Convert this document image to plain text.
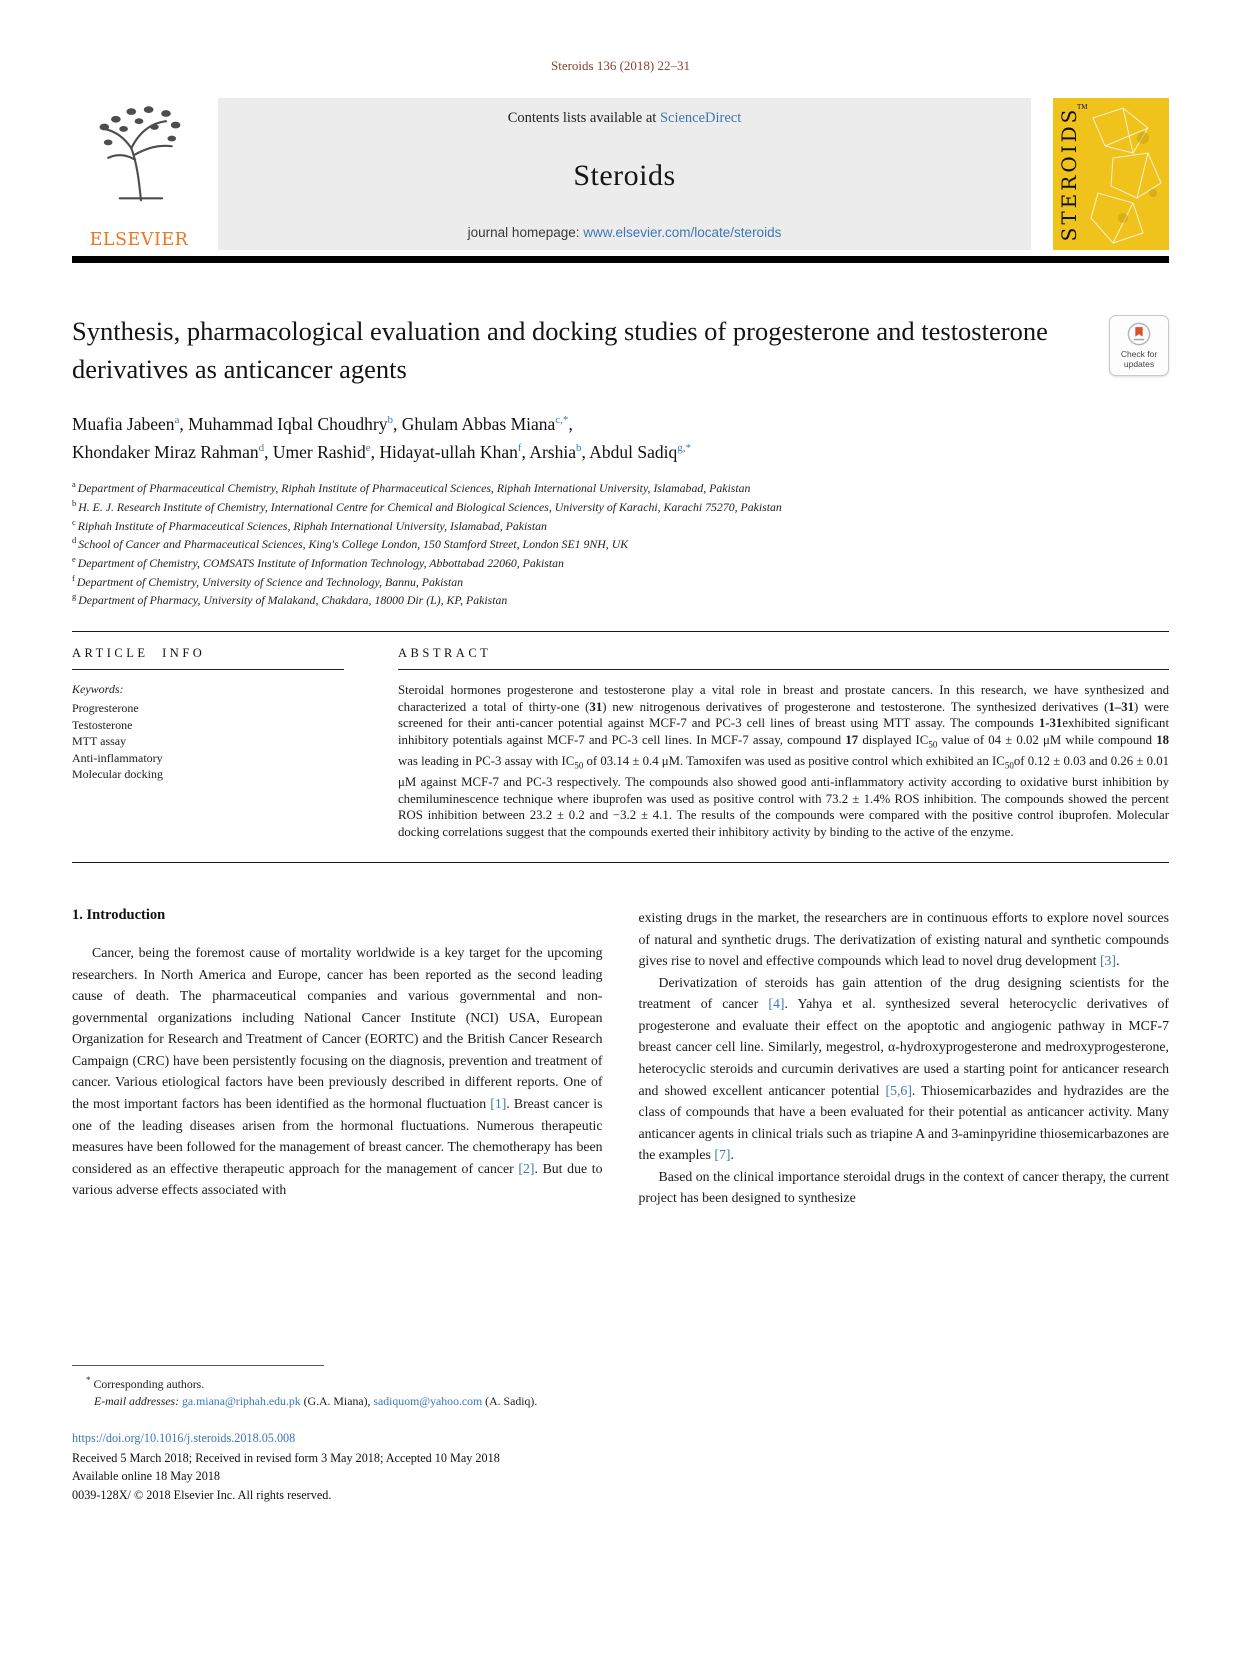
Steroids 136 (2018) 22–31
ELSEVIER
Contents lists available at ScienceDirect
Steroids
journal homepage: www.elsevier.com/locate/steroids	STEROIDS
TM
Synthesis, pharmacological evaluation and docking studies of progesterone and testosterone derivatives as anticancer agents	Check for
updates
Muafia Jabeen$^a$, Muhammad Iqbal Choudhry$^b$, Ghulam Abbas Miana$^{c,*}$,
Khondaker Miraz Rahman$^d$, Umer Rashid$^e$, Hidayat-ullah Khan$^f$, Arshia$^b$, Abdul Sadiq$^{g,*}$
$^a$ Department of Pharmaceutical Chemistry, Riphah Institute of Pharmaceutical Sciences, Riphah International University, Islamabad, Pakistan
$^b$ H. E. J. Research Institute of Chemistry, International Centre for Chemical and Biological Sciences, University of Karachi, Karachi 75270, Pakistan
$^c$ Riphah Institute of Pharmaceutical Sciences, Riphah International University, Islamabad, Pakistan
$^d$ School of Cancer and Pharmaceutical Sciences, King's College London, 150 Stamford Street, London SE1 9NH, UK
$^e$ Department of Chemistry, COMSATS Institute of Information Technology, Abbottabad 22060, Pakistan
$^f$ Department of Chemistry, University of Science and Technology, Bannu, Pakistan
$^g$ Department of Pharmacy, University of Malakand, Chakdara, 18000 Dir (L), KP, Pakistan
ARTICLE INFO
Keywords:
Progresterone
Testosterone
MTT assay
Anti-inflammatory
Molecular docking
ABSTRACT

Steroidal hormones progesterone and testosterone play a vital role in breast and prostate cancers. In this research, we have synthesized and characterized a total of thirty-one (31) new nitrogenous derivatives of progesterone and testosterone. The synthesized derivatives (1–31) were screened for their anti-cancer potential against MCF-7 and PC-3 cell lines of breast using MTT assay. The compounds 1-31exhibited significant inhibitory potentials against MCF-7 and PC-3 cell lines. In MCF-7 assay, compound 17 displayed $IC_{50}$ value of 04 ± 0.02 μM while compound 18 was leading in PC-3 assay with $IC_{50}$ of 03.14 ± 0.4 μM. Tamoxifen was used as positive control which exhibited an $IC_{50}of$ 0.12 ± 0.03 and 0.26 ± 0.01 μM against MCF-7 and PC-3 respectively. The compounds also showed good anti-inflammatory activity according to oxidative burst inhibition by chemiluminescence technique where ibuprofen was used as positive control with 73.2 ± 1.4% ROS inhibition. The compounds showed the percent ROS inhibition between 23.2 ± 0.2 and −3.2 ± 4.1. The results of the compounds were compared with the positive control ibuprofen. Molecular docking correlations suggest that the compounds exerted their inhibitory activity by binding to the active of the enzyme.

1. Introduction

Cancer, being the foremost cause of mortality worldwide is a key target for the upcoming researchers. In North America and Europe, cancer has been reported as the second leading cause of death. The pharmaceutical companies and various governmental and non-governmental organizations including National Cancer Institute (NCI) USA, European Organization for Research and Treatment of Cancer (EORTC) and the British Cancer Research Campaign (CRC) have been persistently focusing on the diagnosis, prevention and treatment of cancer. Various etiological factors have been previously described in different reports. One of the most important factors has been identified as the hormonal fluctuation [1]. Breast cancer is one of the leading diseases arisen from the hormonal fluctuations. Numerous therapeutic measures have been followed for the management of breast cancer. The chemotherapy has been considered as an effective therapeutic approach for the management of cancer [2]. But due to various adverse effects associated with

existing drugs in the market, the researchers are in continuous efforts to explore novel sources of natural and synthetic drugs. The derivatization of existing natural and synthetic compounds gives rise to novel and effective compounds which lead to novel drug development [3].

Derivatization of steroids has gain attention of the drug designing scientists for the treatment of cancer [4]. Yahya et al. synthesized several heterocyclic derivatives of progesterone and evaluate their effect on the apoptotic and angiogenic pathway in MCF-7 breast cancer cell line. Similarly, megestrol, α-hydroxyprogesterone and medroxyprogesterone, heterocyclic steroids and curcumin derivatives are used a starting point for anticancer research and showed excellent anticancer potential [5,6]. Thiosemicarbazides and hydrazides are the class of compounds that have a been evaluated for their potential as anticancer activity. Many anticancer agents in clinical trials such as triapine A and 3-aminpyridine thiosemicarbazones are the examples [7].

Based on the clinical importance steroidal drugs in the context of cancer therapy, the current project has been designed to synthesize

* Corresponding authors.

E-mail addresses: ga.miana@riphah.edu.pk (G.A. Miana), sadiquom@yahoo.com (A. Sadiq).

https://doi.org/10.1016/j.steroids.2018.05.008
Received 5 March 2018; Received in revised form 3 May 2018; Accepted 10 May 2018
Available online 18 May 2018
0039-128X/ © 2018 Elsevier Inc. All rights reserved.
